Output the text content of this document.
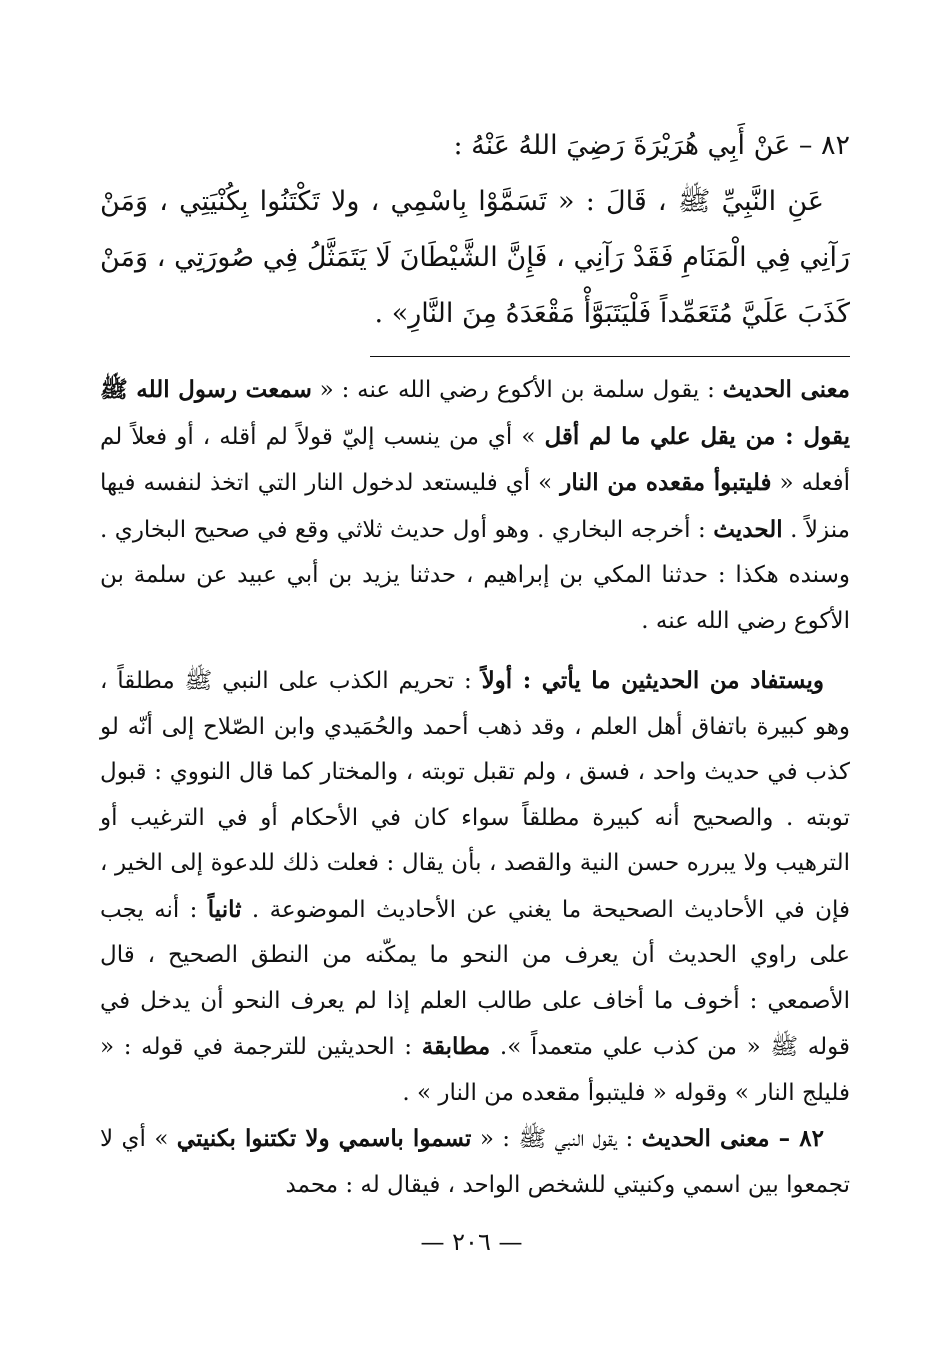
٨٢ – عَنْ أَبِي هُرَيْرَةَ رَضِيَ اللهُ عَنْهُ :
عَنِ النَّبِيِّ ﷺ ، قَالَ : « تَسَمَّوْا بِاسْمِي ، ولا تَكْتَنُوا بِكُنْيَتِي ، وَمَنْ رَآنِي فِي الْمَنَامِ فَقَدْ رَآنِي ، فَإِنَّ الشَّيْطَانَ لَا يَتَمَثَّلُ فِي صُورَتِي ، وَمَنْ كَذَبَ عَلَيَّ مُتَعَمِّداً فَلْيَتَبَوَّأْ مَقْعَدَهُ مِنَ النَّارِ» .

معنى الحديث : يقول سلمة بن الأكوع رضي الله عنه : « سمعت رسول الله ﷺ يقول : من يقل علي ما لم أقل » أي من ينسب إليّ قولاً لم أقله ، أو فعلاً لم أفعله « فليتبوأ مقعده من النار » أي فليستعد لدخول النار التي اتخذ لنفسه فيها منزلاً . الحديث : أخرجه البخاري . وهو أول حديث ثلاثي وقع في صحيح البخاري . وسنده هكذا : حدثنا المكي بن إبراهيم ، حدثنا يزيد بن أبي عبيد عن سلمة بن الأكوع رضي الله عنه .

ويستفاد من الحديثين ما يأتي : أولاً : تحريم الكذب على النبي ﷺ مطلقاً ، وهو كبيرة باتفاق أهل العلم ، وقد ذهب أحمد والحُمَيدي وابن الصّلاح إلى أنّه لو كذب في حديث واحد ، فسق ، ولم تقبل توبته ، والمختار كما قال النووي : قبول توبته . والصحيح أنه كبيرة مطلقاً سواء كان في الأحكام أو في الترغيب أو الترهيب ولا يبرره حسن النية والقصد ، بأن يقال : فعلت ذلك للدعوة إلى الخير ، فإن في الأحاديث الصحيحة ما يغني عن الأحاديث الموضوعة . ثانياً : أنه يجب على راوي الحديث أن يعرف من النحو ما يمكّنه من النطق الصحيح ، قال الأصمعي : أخوف ما أخاف على طالب العلم إذا لم يعرف النحو أن يدخل في قوله ﷺ « من كذب علي متعمداً ». مطابقة : الحديثين للترجمة في قوله : « فليلج النار » وقوله « فليتبوأ مقعده من النار » .

٨٢ – معنى الحديث : يقول النبي ﷺ : « تسموا باسمي ولا تكتنوا بكنيتي » أي لا تجمعوا بين اسمي وكنيتي للشخص الواحد ، فيقال له : محمد

— ٢٠٦ —
